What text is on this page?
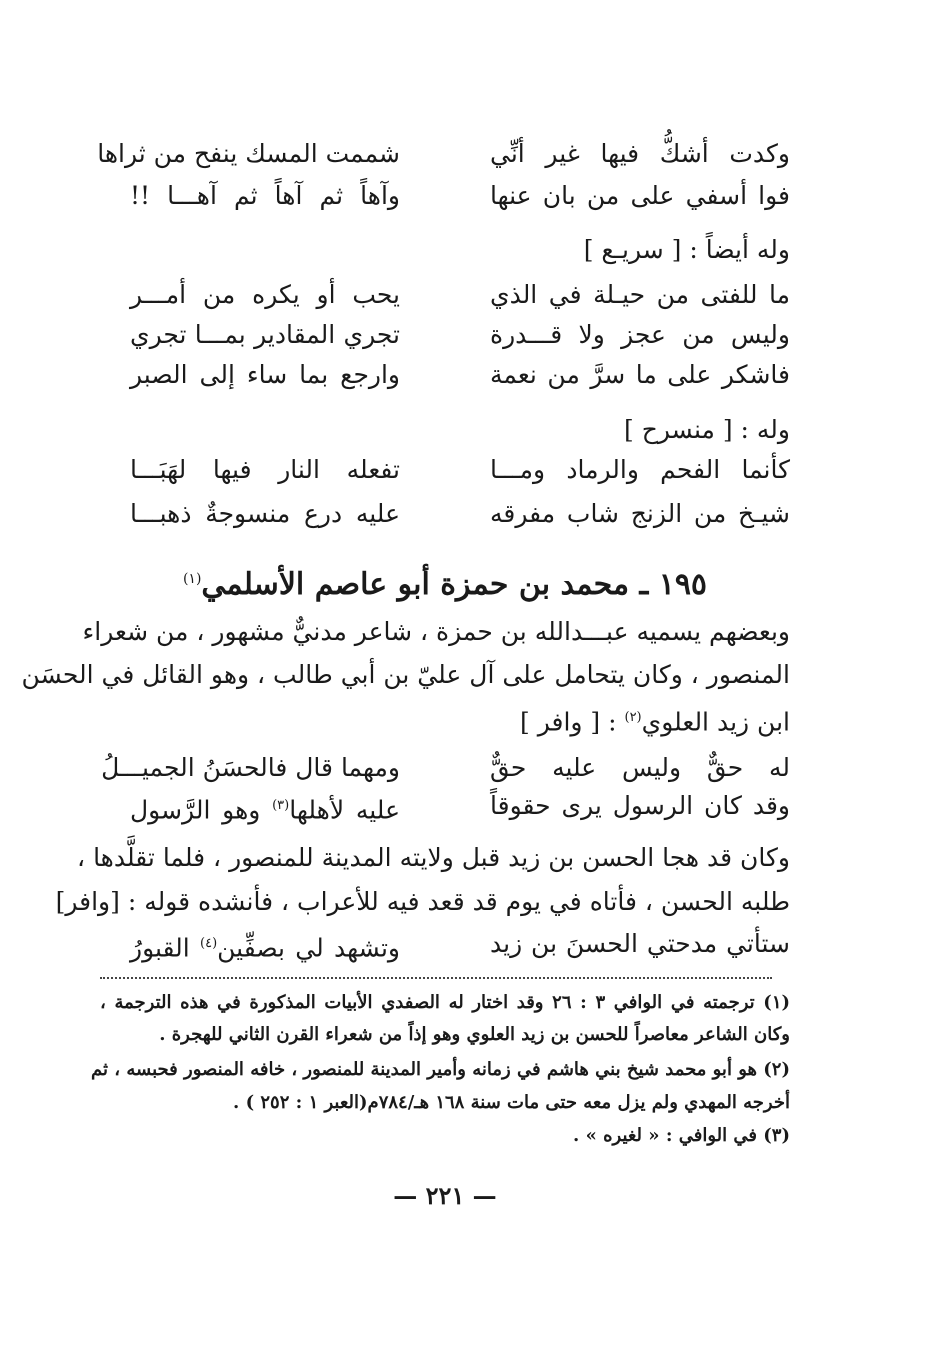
وكدت أشكُّ فيها غير أنِّي
شممت المسك ينفح من ثراها
فوا أسفي على من بان عنها
وآهاً ثم آهاً ثم آهـــا !!
وله أيضاً : [ سريـع ]
ما للفتى من حيـلة في الذي
يحب أو يكره من أمـــر
وليس من عجز ولا قـــدرة
تجري المقادير بمـــا تجري
فاشكر على ما سرَّ من نعمة
وارجع بما ساء إلى الصبر
وله : [ منسرح ]
كأنما الفحم والرماد ومـــا
تفعله النار فيها لهَبَـــا
شيـخ من الزنج شاب مفرقه
عليه درع منسوجةٌ ذهبـــا
١٩٥ ـ محمد بن حمزة أبو عاصم الأسلمي$^{(١)}$
وبعضهم يسميه عبـــدالله بن حمزة ، شاعر مدنيٌّ مشهور ، من شعراء
المنصور ، وكان يتحامل على آل عليّ بن أبي طالب ، وهو القائل في الحسَن
ابن زيد العلوي$^{(٢)}$ : [ وافر ]
له حقٌّ وليس عليه حقٌّ
ومهما قال فالحسَنُ الجميـــلُ
وقد كان الرسول يرى حقوقاً
عليه لأهلها$^{(٣)}$ وهو الرَّسول
وكان قد هجا الحسن بن زيد قبل ولايته المدينة للمنصور ، فلما تقلَّدها ،
طلبه الحسن ، فأتاه في يوم قد قعد فيه للأعراب ، فأنشده قوله : [وافر]
ستأتي مدحتي الحسنَ بن زيد
وتشهد لي بصفِّين$^{(٤)}$ القبورُ
(١) ترجمته في الوافي ٣ : ٢٦ وقد اختار له الصفدي الأبيات المذكورة في هذه الترجمة ،
وكان الشاعر معاصراً للحسن بن زيد العلوي وهو إذاً من شعراء القرن الثاني للهجرة .
(٢) هو أبو محمد شيخ بني هاشم في زمانه وأمير المدينة للمنصور ، خافه المنصور فحبسه ، ثم
أخرجه المهدي ولم يزل معه حتى مات سنة ١٦٨ هـ/٧٨٤م(العبر ١ : ٢٥٢ ) .
(٣) في الوافي : « لغيره » .
— ٢٢١ —
